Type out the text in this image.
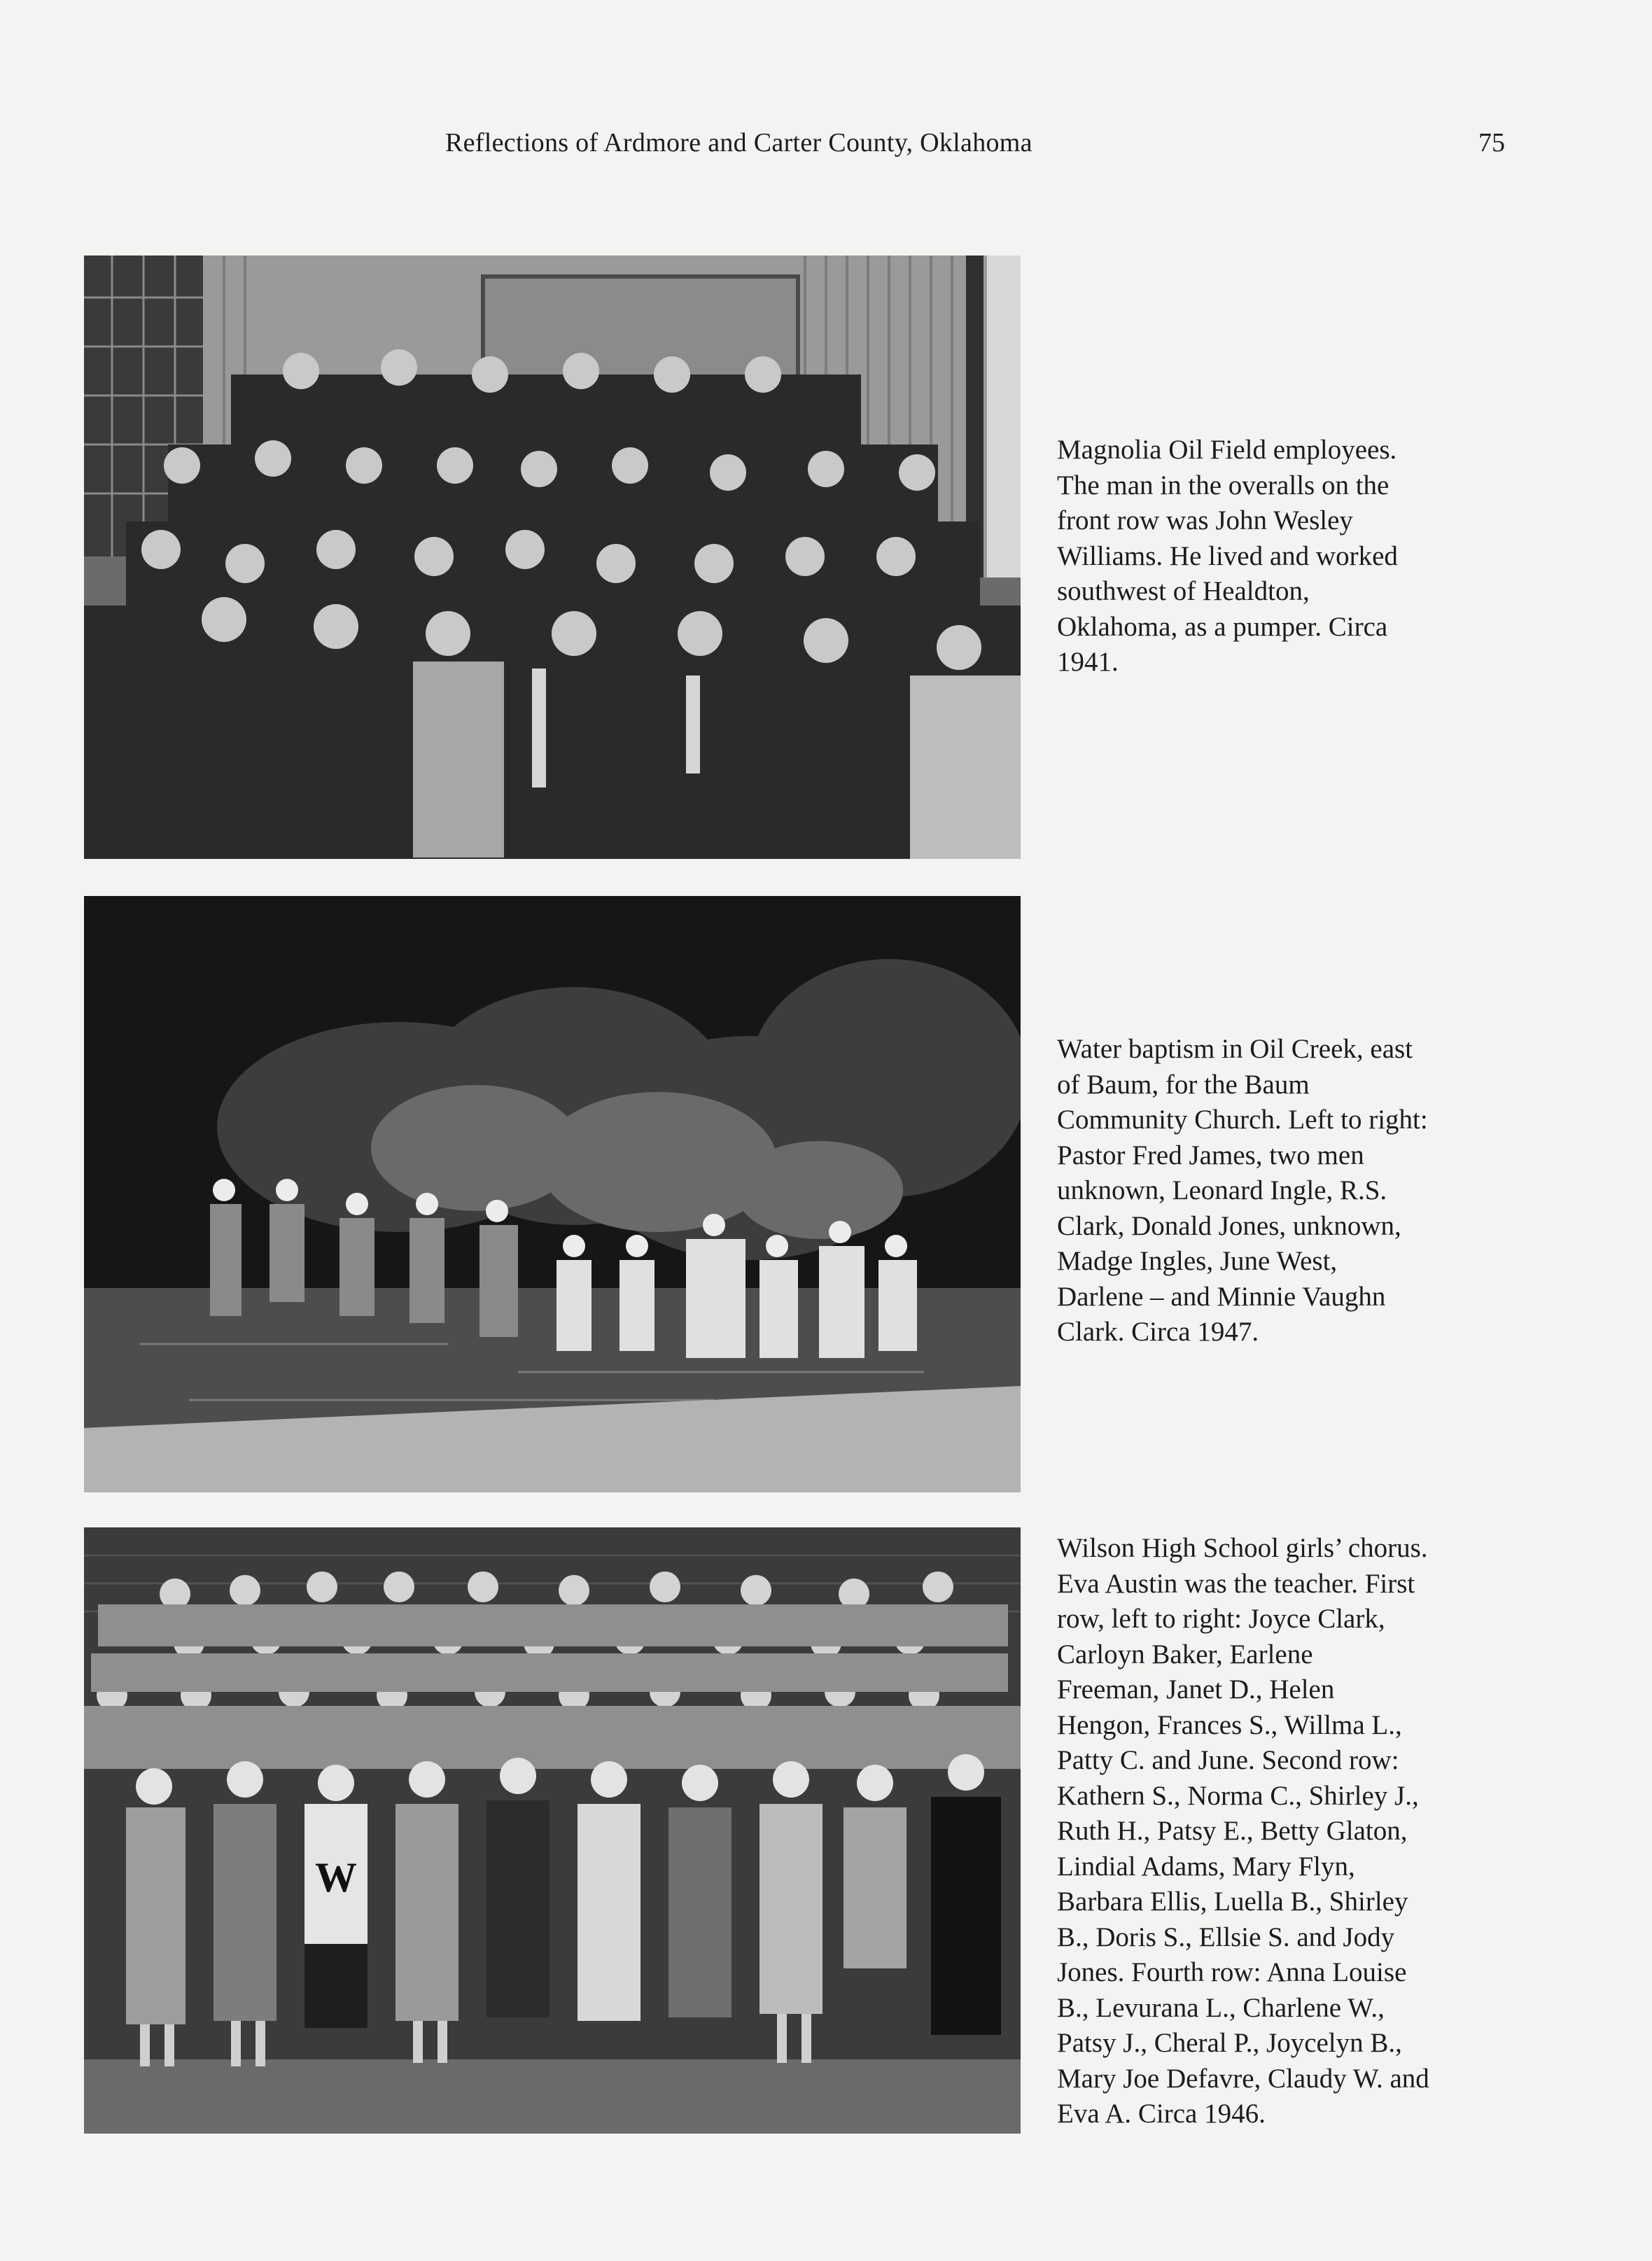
Reflections of Ardmore and Carter County, Oklahoma	75
Magnolia Oil Field employees.
The man in the overalls on the
front row was John Wesley
Williams. He lived and worked
southwest of Healdton,
Oklahoma, as a pumper. Circa
1941.
Water baptism in Oil Creek, east
of Baum, for the Baum
Community Church. Left to right:
Pastor Fred James, two men
unknown, Leonard Ingle, R.S.
Clark, Donald Jones, unknown,
Madge Ingles, June West,
Darlene – and Minnie Vaughn
Clark. Circa 1947.
W
Wilson High School girls’ chorus.
Eva Austin was the teacher. First
row, left to right: Joyce Clark,
Carloyn Baker, Earlene
Freeman, Janet D., Helen
Hengon, Frances S., Willma L.,
Patty C. and June. Second row:
Kathern S., Norma C., Shirley J.,
Ruth H., Patsy E., Betty Glaton,
Lindial Adams, Mary Flyn,
Barbara Ellis, Luella B., Shirley
B., Doris S., Ellsie S. and Jody
Jones. Fourth row: Anna Louise
B., Levurana L., Charlene W.,
Patsy J., Cheral P., Joycelyn B.,
Mary Joe Defavre, Claudy W. and
Eva A. Circa 1946.
